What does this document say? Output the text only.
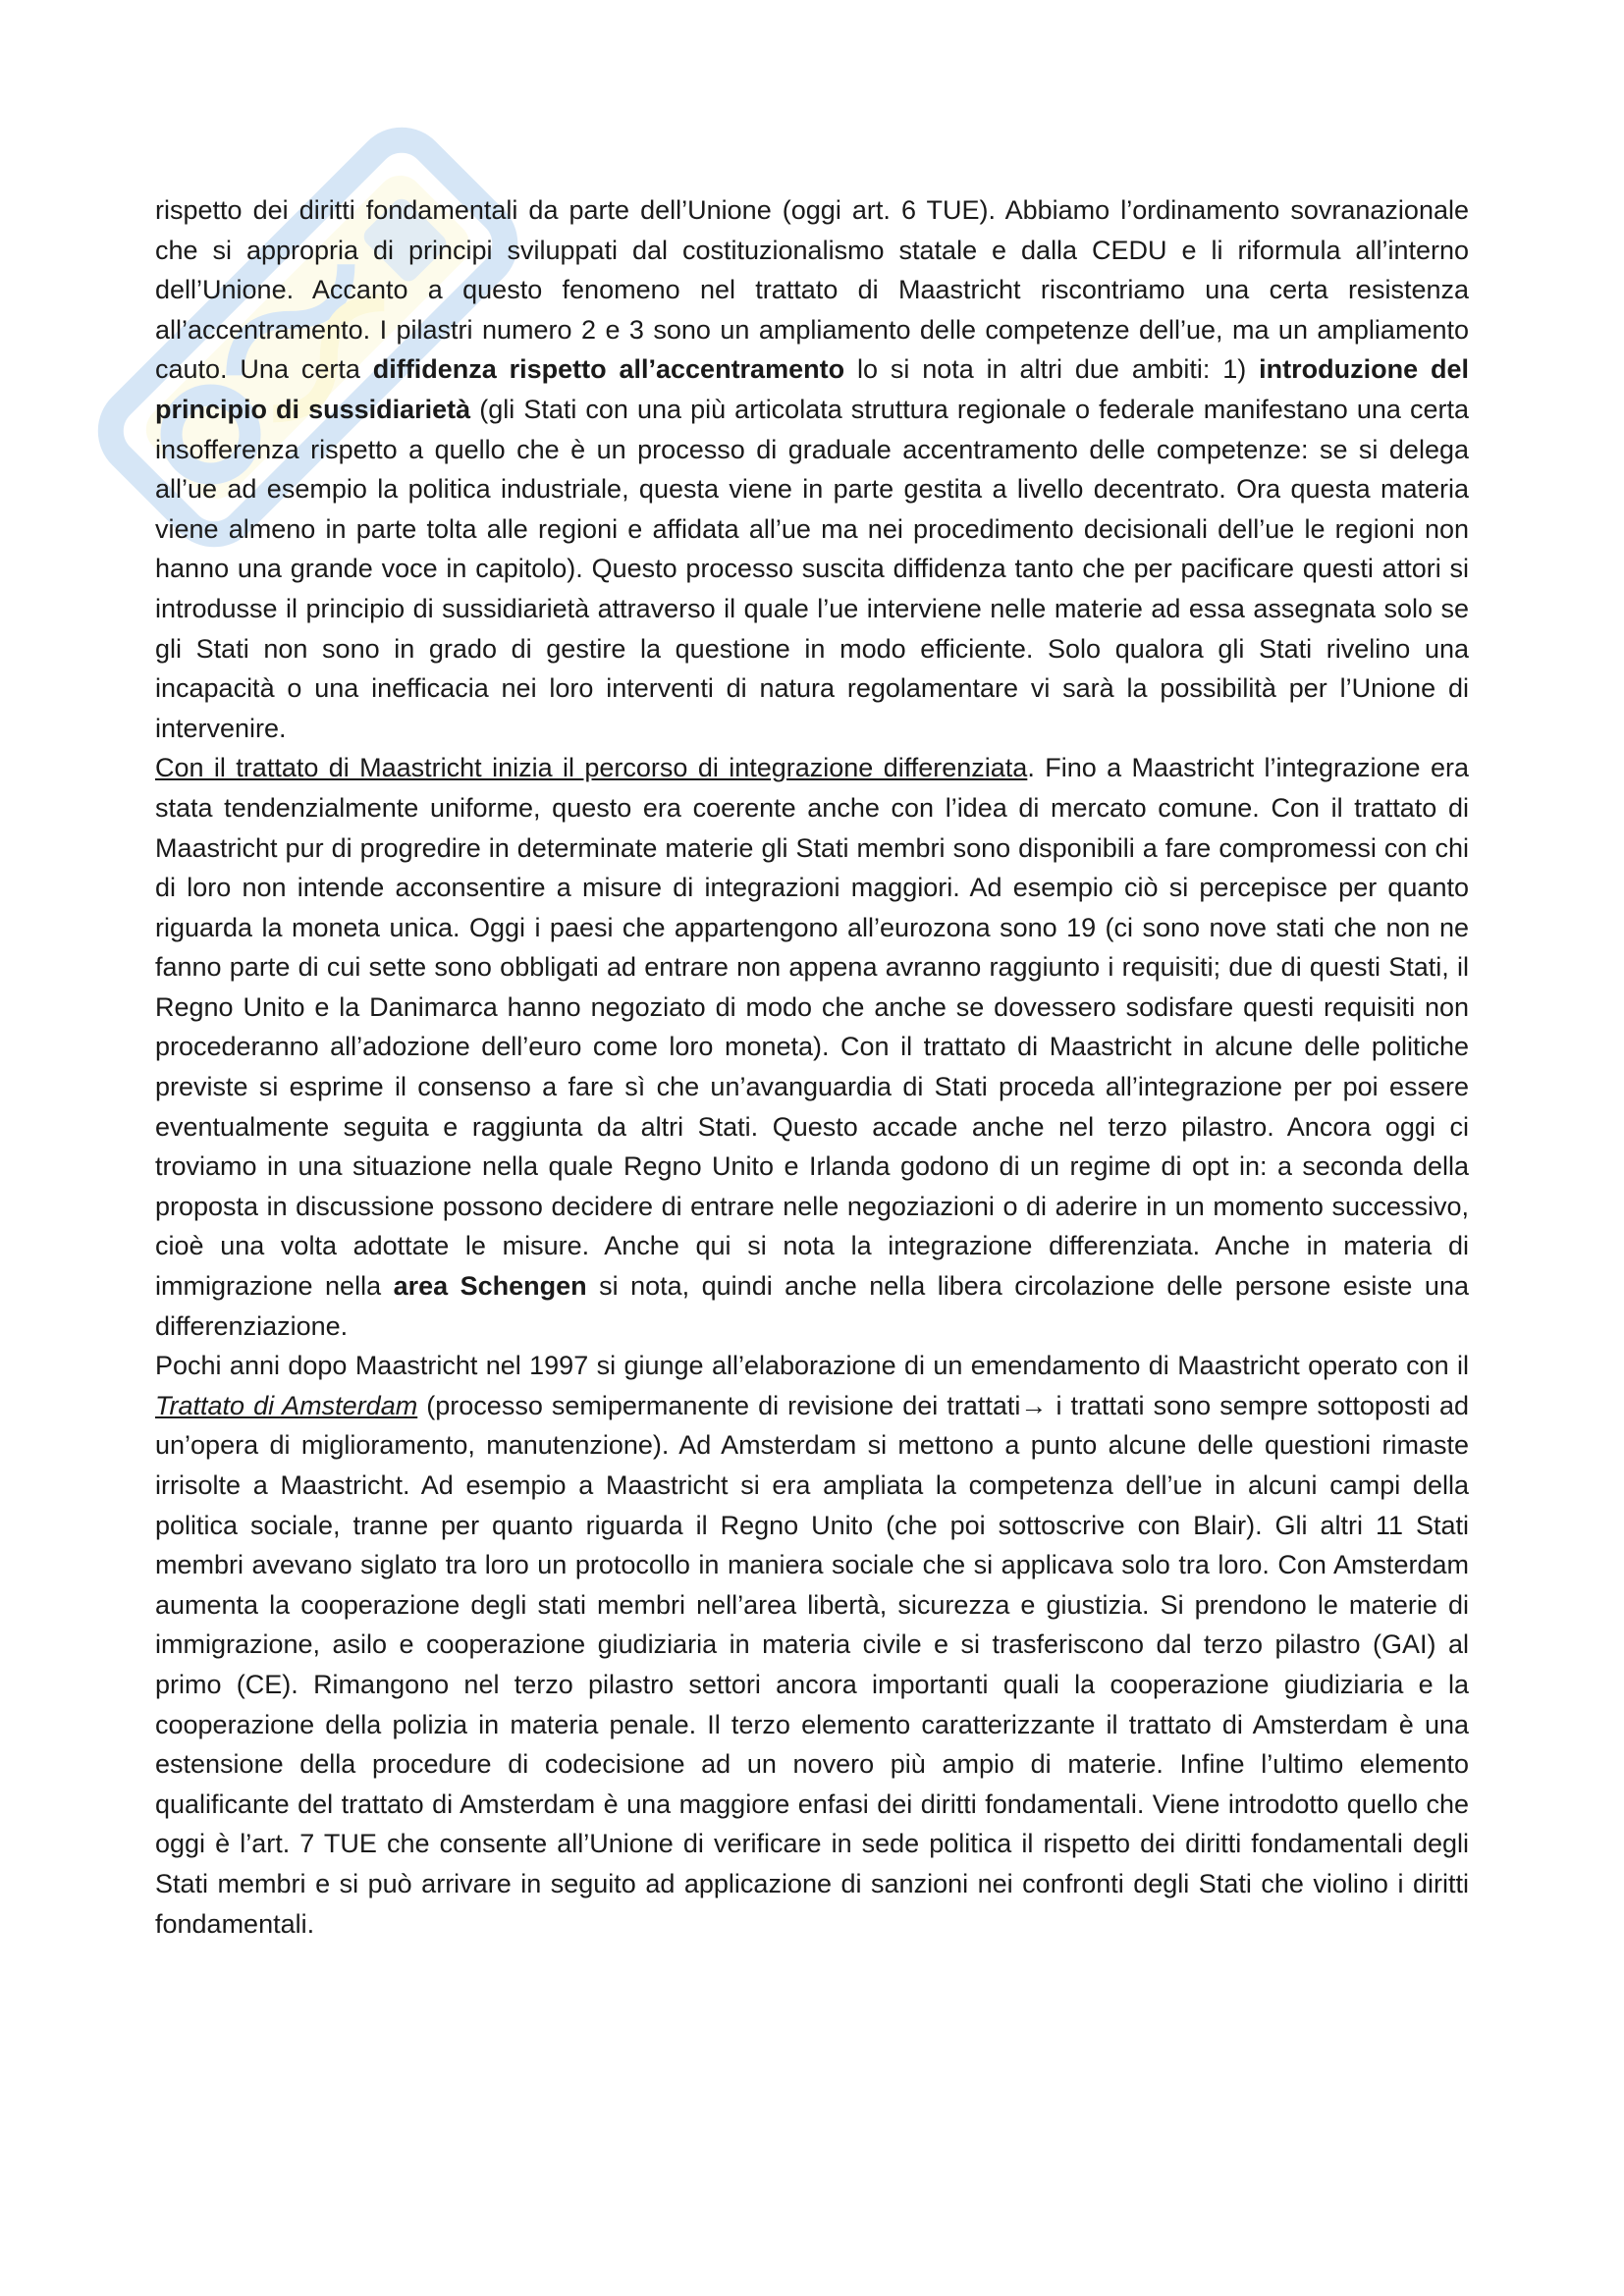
rispetto dei diritti fondamentali da parte dell’Unione (oggi art. 6 TUE). Abbiamo l’ordinamento sovranazionale che si appropria di principi sviluppati dal costituzionalismo statale e dalla CEDU e li riformula all’interno dell’Unione. Accanto a questo fenomeno nel trattato di Maastricht riscontriamo una certa resistenza all’accentramento. I pilastri numero 2 e 3 sono un ampliamento delle competenze dell’ue, ma un ampliamento cauto. Una certa diffidenza rispetto all’accentramento lo si nota in altri due ambiti: 1) introduzione del principio di sussidiarietà (gli Stati con una più articolata struttura regionale o federale manifestano una certa insofferenza rispetto a quello che è un processo di graduale accentramento delle competenze: se si delega all’ue ad esempio la politica industriale, questa viene in parte gestita a livello decentrato. Ora questa materia viene almeno in parte tolta alle regioni e affidata all’ue ma nei procedimento decisionali dell’ue le regioni non hanno una grande voce in capitolo). Questo processo suscita diffidenza tanto che per pacificare questi attori si introdusse il principio di sussidiarietà attraverso il quale l’ue interviene nelle materie ad essa assegnata solo se gli Stati non sono in grado di gestire la questione in modo efficiente. Solo qualora gli Stati rivelino una incapacità o una inefficacia nei loro interventi di natura regolamentare vi sarà la possibilità per l’Unione di intervenire.

Con il trattato di Maastricht inizia il percorso di integrazione differenziata. Fino a Maastricht l’integrazione era stata tendenzialmente uniforme, questo era coerente anche con l’idea di mercato comune. Con il trattato di Maastricht pur di progredire in determinate materie gli Stati membri sono disponibili a fare compromessi con chi di loro non intende acconsentire a misure di integrazioni maggiori. Ad esempio ciò si percepisce per quanto riguarda la moneta unica. Oggi i paesi che appartengono all’eurozona sono 19 (ci sono nove stati che non ne fanno parte di cui sette sono obbligati ad entrare non appena avranno raggiunto i requisiti; due di questi Stati, il Regno Unito e la Danimarca hanno negoziato di modo che anche se dovessero sodisfare questi requisiti non procederanno all’adozione dell’euro come loro moneta). Con il trattato di Maastricht in alcune delle politiche previste si esprime il consenso a fare sì che un’avanguardia di Stati proceda all’integrazione per poi essere eventualmente seguita e raggiunta da altri Stati. Questo accade anche nel terzo pilastro. Ancora oggi ci troviamo in una situazione nella quale Regno Unito e Irlanda godono di un regime di opt in: a seconda della proposta in discussione possono decidere di entrare nelle negoziazioni o di aderire in un momento successivo, cioè una volta adottate le misure. Anche qui si nota la integrazione differenziata. Anche in materia di immigrazione nella area Schengen si nota, quindi anche nella libera circolazione delle persone esiste una differenziazione.

Pochi anni dopo Maastricht nel 1997 si giunge all’elaborazione di un emendamento di Maastricht operato con il Trattato di Amsterdam (processo semipermanente di revisione dei trattati→ i trattati sono sempre sottoposti ad un’opera di miglioramento, manutenzione). Ad Amsterdam si mettono a punto alcune delle questioni rimaste irrisolte a Maastricht. Ad esempio a Maastricht si era ampliata la competenza dell’ue in alcuni campi della politica sociale, tranne per quanto riguarda il Regno Unito (che poi sottoscrive con Blair). Gli altri 11 Stati membri avevano siglato tra loro un protocollo in maniera sociale che si applicava solo tra loro. Con Amsterdam aumenta la cooperazione degli stati membri nell’area libertà, sicurezza e giustizia. Si prendono le materie di immigrazione, asilo e cooperazione giudiziaria in materia civile e si trasferiscono dal terzo pilastro (GAI) al primo (CE). Rimangono nel terzo pilastro settori ancora importanti quali la cooperazione giudiziaria e la cooperazione della polizia in materia penale. Il terzo elemento caratterizzante il trattato di Amsterdam è una estensione della procedure di codecisione ad un novero più ampio di materie. Infine l’ultimo elemento qualificante del trattato di Amsterdam è una maggiore enfasi dei diritti fondamentali. Viene introdotto quello che oggi è l’art. 7 TUE che consente all’Unione di verificare in sede politica il rispetto dei diritti fondamentali degli Stati membri e si può arrivare in seguito ad applicazione di sanzioni nei confronti degli Stati che violino i diritti fondamentali.
